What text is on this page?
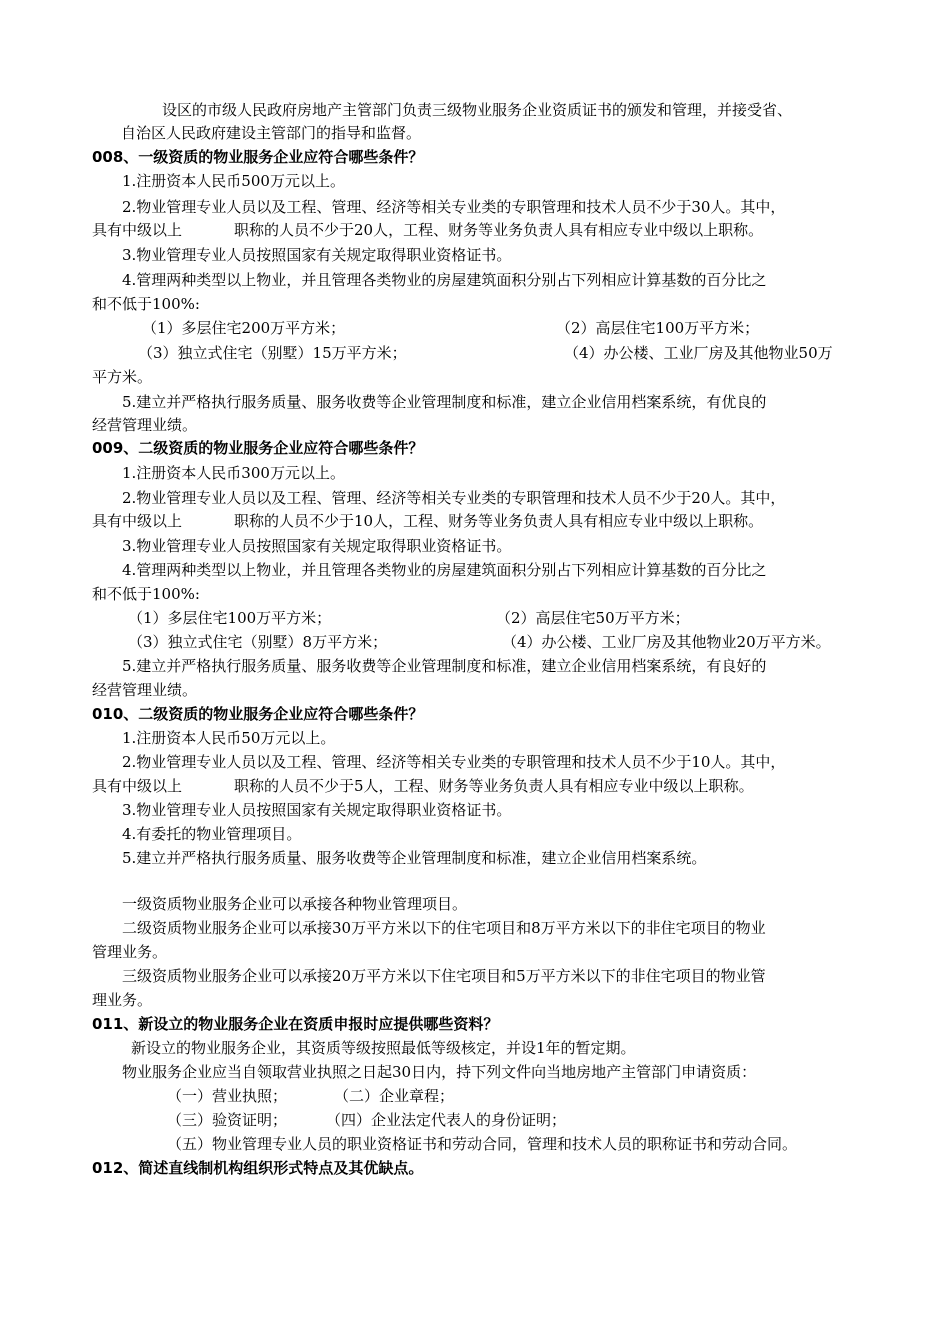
设区的市级人民政府房地产主管部门负责三级物业服务企业资质证书的颁发和管理，并接受省、
自治区人民政府建设主管部门的指导和监督。
008、一级资质的物业服务企业应符合哪些条件？
1.注册资本人民币500万元以上。
2.物业管理专业人员以及工程、管理、经济等相关专业类的专职管理和技术人员不少于30人。其中，
具有中级以上	职称的人员不少于20人，工程、财务等业务负责人具有相应专业中级以上职称。
3.物业管理专业人员按照国家有关规定取得职业资格证书。
4.管理两种类型以上物业，并且管理各类物业的房屋建筑面积分别占下列相应计算基数的百分比之
和不低于100%:
（1）多层住宅200万平方米；	（2）高层住宅100万平方米；
（3）独立式住宅（别墅）15万平方米；	（4）办公楼、工业厂房及其他物业50万
平方米。
5.建立并严格执行服务质量、服务收费等企业管理制度和标准，建立企业信用档案系统，有优良的
经营管理业绩。
009、二级资质的物业服务企业应符合哪些条件？
1.注册资本人民币300万元以上。
2.物业管理专业人员以及工程、管理、经济等相关专业类的专职管理和技术人员不少于20人。其中，
具有中级以上	职称的人员不少于10人，工程、财务等业务负责人具有相应专业中级以上职称。
3.物业管理专业人员按照国家有关规定取得职业资格证书。
4.管理两种类型以上物业，并且管理各类物业的房屋建筑面积分别占下列相应计算基数的百分比之
和不低于100%:
（1）多层住宅100万平方米；	（2）高层住宅50万平方米；
（3）独立式住宅（别墅）8万平方米；	（4）办公楼、工业厂房及其他物业20万平方米。
5.建立并严格执行服务质量、服务收费等企业管理制度和标准，建立企业信用档案系统，有良好的
经营管理业绩。
010、二级资质的物业服务企业应符合哪些条件？
1.注册资本人民币50万元以上。
2.物业管理专业人员以及工程、管理、经济等相关专业类的专职管理和技术人员不少于10人。其中，
具有中级以上	职称的人员不少于5人，工程、财务等业务负责人具有相应专业中级以上职称。
3.物业管理专业人员按照国家有关规定取得职业资格证书。
4.有委托的物业管理项目。
5.建立并严格执行服务质量、服务收费等企业管理制度和标准，建立企业信用档案系统。
一级资质物业服务企业可以承接各种物业管理项目。
二级资质物业服务企业可以承接30万平方米以下的住宅项目和8万平方米以下的非住宅项目的物业
管理业务。
三级资质物业服务企业可以承接20万平方米以下住宅项目和5万平方米以下的非住宅项目的物业管
理业务。
011、新设立的物业服务企业在资质申报时应提供哪些资料？
新设立的物业服务企业，其资质等级按照最低等级核定，并设1年的暂定期。
物业服务企业应当自领取营业执照之日起30日内，持下列文件向当地房地产主管部门申请资质：
（一）营业执照；	（二）企业章程；
（三）验资证明；	（四）企业法定代表人的身份证明；
（五）物业管理专业人员的职业资格证书和劳动合同，管理和技术人员的职称证书和劳动合同。
012、简述直线制机构组织形式特点及其优缺点。
